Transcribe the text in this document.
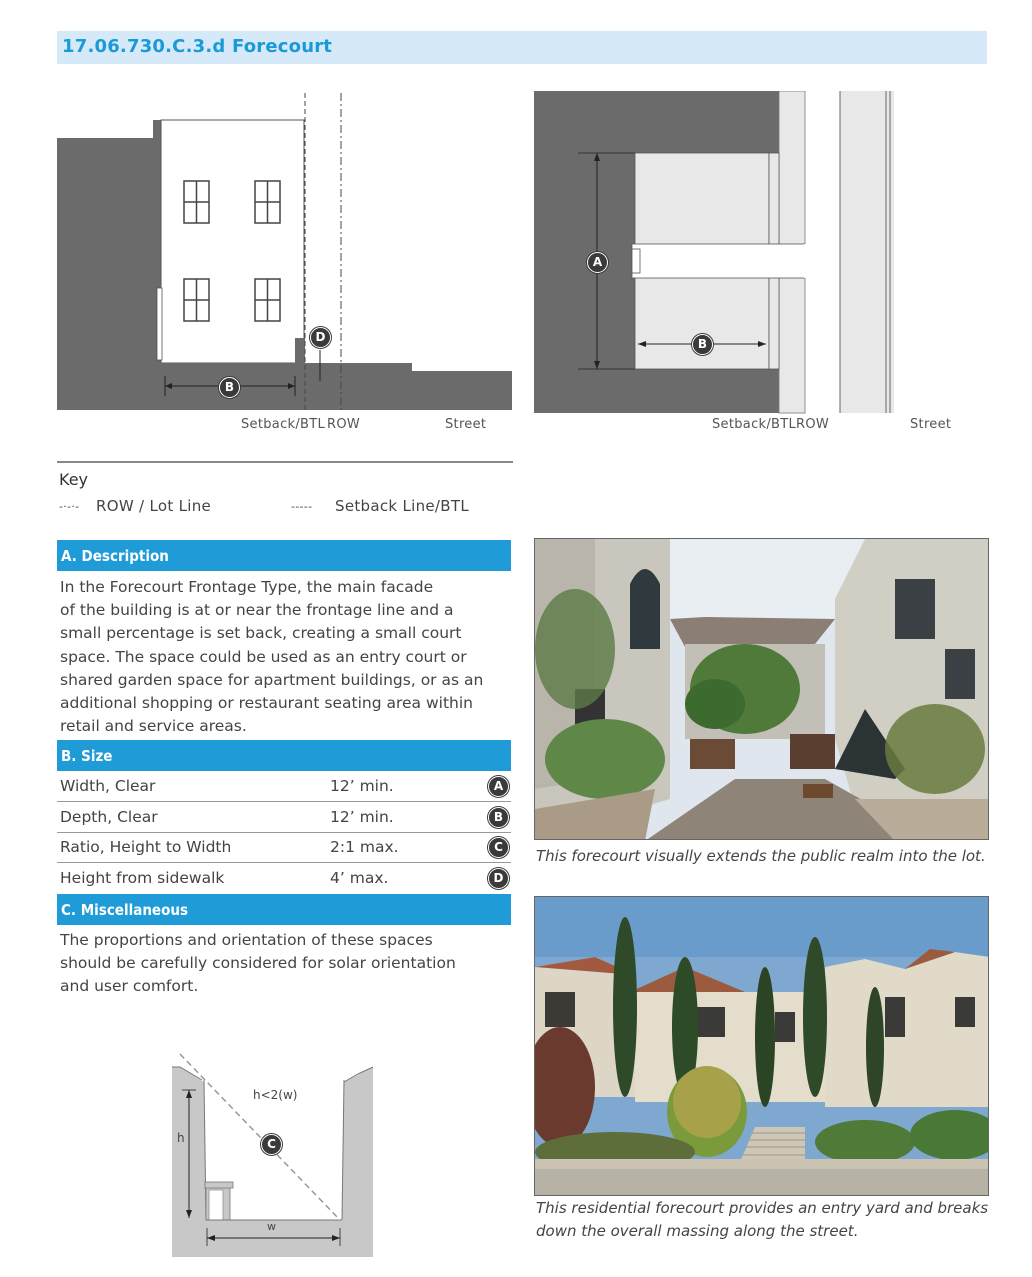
17.06.730.C.3.d Forecourt
B
D
Setback/BTL ROW	Street
A
B
Setback/BTLROW	Street
Key
-·-·- ROW / Lot Line	----- Setback Line/BTL
A. Description
In the Forecourt Frontage Type, the main facade
of the building is at or near the frontage line and a
small percentage is set back, creating a small court
space. The space could be used as an entry court or
shared garden space for apartment buildings, or as an
additional shopping or restaurant seating area within
retail and service areas.
B. Size
Width, Clear	12’ min.	A
Depth, Clear	12’ min.	B
Ratio, Height to Width	2:1 max.	C
Height from sidewalk	4’ max.	D
C. Miscellaneous
The proportions and orientation of these spaces
should be carefully considered for solar orientation
and user comfort.
h<2(w)
h
w
C
This forecourt visually extends the public realm into the lot.
This residential forecourt provides an entry yard and breaks
down the overall massing along the street.
